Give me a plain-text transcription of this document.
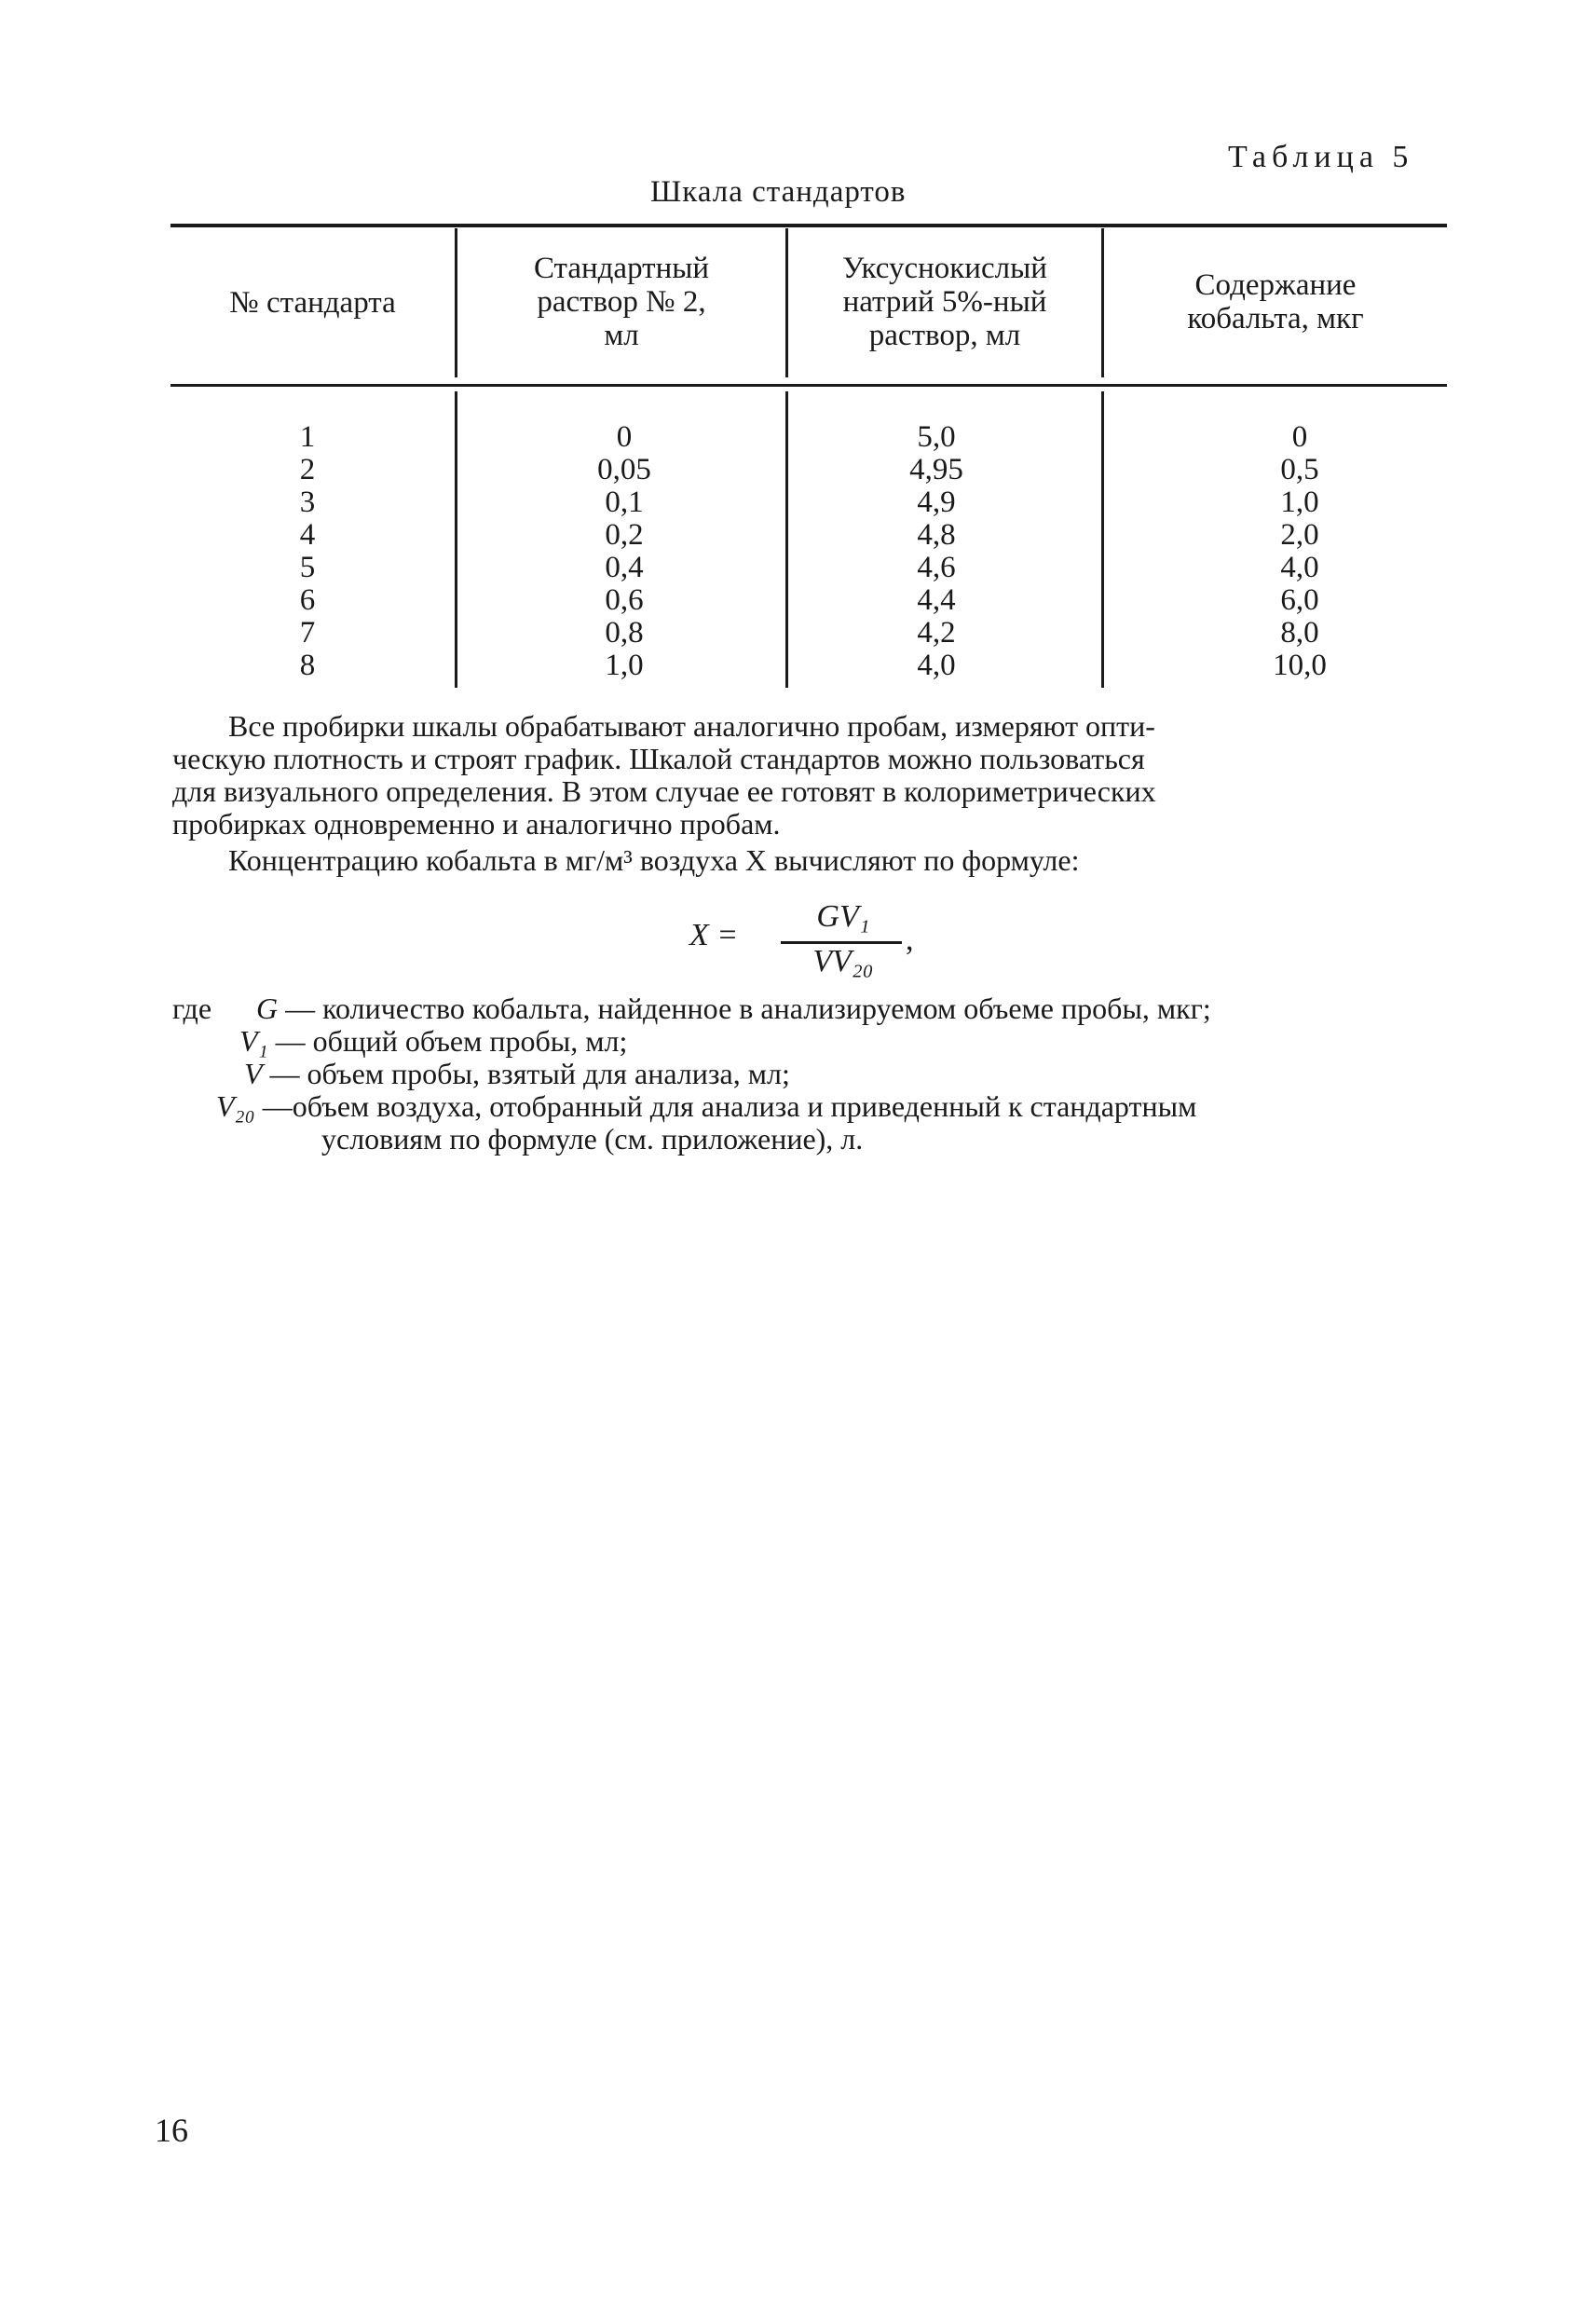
Таблица 5
Шкала стандартов
№ стандарта
Стандартный
раствор № 2,
мл
Уксуснокислый
натрий 5%-ный
раствор, мл
Содержание
кобальта, мкг
1
2
3
4
5
6
7
8
0
0,05
0,1
0,2
0,4
0,6
0,8
1,0
5,0
4,95
4,9
4,8
4,6
4,4
4,2
4,0
0
0,5
1,0
2,0
4,0
6,0
8,0
10,0
Все пробирки шкалы обрабатывают аналогично пробам, измеряют опти-
ческую плотность и строят график. Шкалой стандартов можно пользоваться
для визуального определения. В этом случае ее готовят в колориметрических
пробирках одновременно и аналогично пробам.
Концентрацию кобальта в мг/м³ воздуха X вычисляют по формуле:
X =
GV₁
VV₂₀
,
где G — количество кобальта, найденное в анализируемом объеме пробы, мкг;
V₁ — общий объем пробы, мл;
V — объем пробы, взятый для анализа, мл;
V₂₀ —объем воздуха, отобранный для анализа и приведенный к стандартным
условиям по формуле (см. приложение), л.
16
